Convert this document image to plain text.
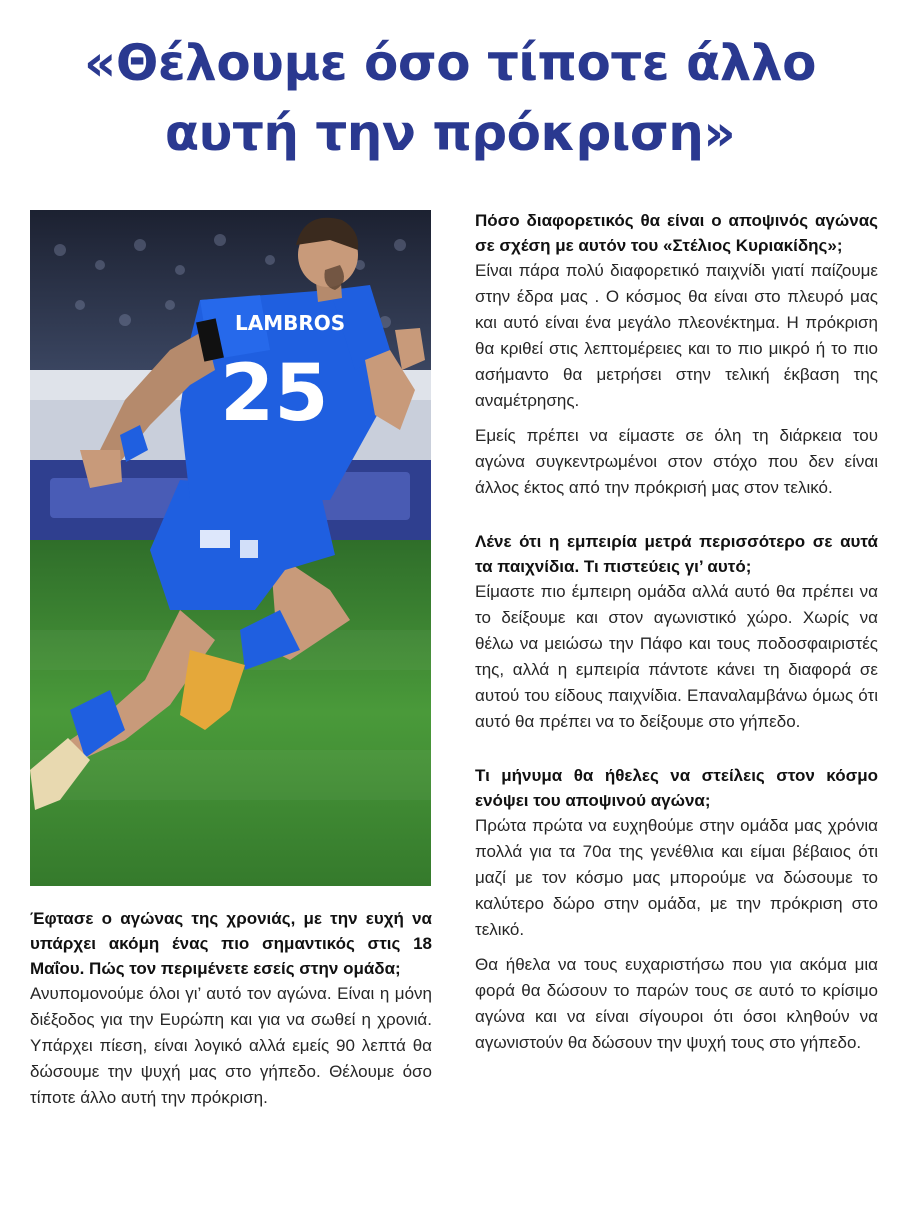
«Θέλουμε όσο τίποτε άλλο
αυτή την πρόκριση»
LAMBROS
25

Έφτασε ο αγώνας της χρονιάς, με την ευχή να υπάρχει ακόμη ένας πιο σημαντικός στις 18 Μαΐου. Πώς τον περιμένετε εσείς στην ομάδα;

Ανυπομονούμε όλοι γι’ αυτό τον αγώνα. Είναι η μόνη διέξοδος για την Ευρώπη και για να σωθεί η χρονιά. Υπάρχει πίεση, είναι λογικό αλλά εμείς 90 λεπτά θα δώσουμε την ψυχή μας στο γήπεδο. Θέλουμε όσο τίποτε άλλο αυτή την πρόκριση.

Πόσο διαφορετικός θα είναι ο αποψινός αγώνας σε σχέση με αυτόν του «Στέλιος Κυριακίδης»;

Είναι πάρα πολύ διαφορετικό παιχνίδι γιατί παίζουμε στην έδρα μας . Ο κόσμος θα είναι στο πλευρό μας και αυτό είναι ένα μεγάλο πλεονέκτημα. Η πρόκριση θα κριθεί στις λεπτομέρειες και το πιο μικρό ή το πιο ασήμαντο θα μετρήσει στην τελική έκβαση της αναμέτρησης.

Εμείς πρέπει να είμαστε σε όλη τη διάρκεια του αγώνα συγκεντρωμένοι στον στόχο που δεν είναι άλλος έκτος από την πρόκρισή μας στον τελικό.

Λένε ότι η εμπειρία μετρά περισσότερο σε αυτά τα παιχνίδια. Τι πιστεύεις γι’ αυτό;

Είμαστε πιο έμπειρη ομάδα αλλά αυτό θα πρέπει να το δείξουμε και στον αγωνιστικό χώρο. Χωρίς να θέλω να μειώσω την Πάφο και τους ποδοσφαιριστές της, αλλά η εμπειρία πάντοτε κάνει τη διαφορά σε αυτού του είδους παιχνίδια. Επαναλαμβάνω όμως ότι αυτό θα πρέπει να το δείξουμε στο γήπεδο.

Τι μήνυμα θα ήθελες να στείλεις στον κόσμο ενόψει του αποψινού αγώνα;

Πρώτα πρώτα να ευχηθούμε στην ομάδα μας χρόνια πολλά για τα 70α της γενέθλια και είμαι βέβαιος ότι μαζί με τον κόσμο μας μπορούμε να δώσουμε το καλύτερο δώρο στην ομάδα, με την πρόκριση στο τελικό.

Θα ήθελα να τους ευχαριστήσω που για ακόμα μια φορά θα δώσουν το παρών τους σε αυτό το κρίσιμο αγώνα και να είναι σίγουροι ότι όσοι κληθούν να αγωνιστούν θα δώσουν την ψυχή τους στο γήπεδο.
